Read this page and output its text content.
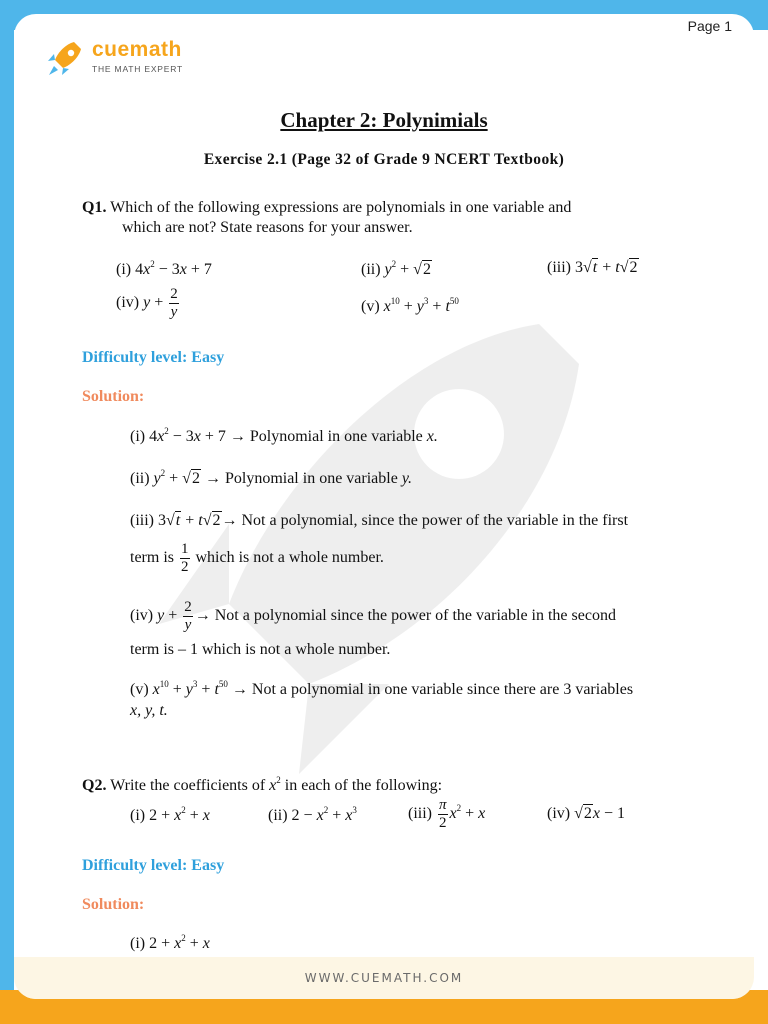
Page 1
cuemath
THE MATH EXPERT
WWW.CUEMATH.COM
Chapter 2: Polynimials
Exercise 2.1 (Page 32 of Grade 9 NCERT Textbook)
Q1. Which of the following expressions are polynomials in one variable and
which are not? State reasons for your answer.
(i) $4x^2 - 3x + 7$	(ii) $y^2 + √2$	(iii) 3√t + t√2
(iv) $y + \frac{2}{y}$	(v) $x^{10} + y^3 + t^{50}$
Difficulty level: Easy
Solution:
(i) $4x^2 - 3x + 7$ → Polynomial in one variable x.
(ii) $y^2 + √2$ → Polynomial in one variable y.
(iii) 3√t + t√2→ Not a polynomial, since the power of the variable in the first
term is $\frac{1}{2}$ which is not a whole number.
(iv) $y + \frac{2}{y}$ → Not a polynomial since the power of the variable in the second
term is – 1 which is not a whole number.
(v) $x^{10} + y^3 + t^{50}$ → Not a polynomial in one variable since there are 3 variables
x, y, t.
Q2. Write the coefficients of $x^2$ in each of the following:
(i) $2 + x^2 + x$	(ii) $2 - x^2 + x^3$	$(iii) \frac{\pi}{2} x^2 + x$	(iv) √2x − 1
Difficulty level: Easy
Solution:
(i) $2 + x^2 + x$
